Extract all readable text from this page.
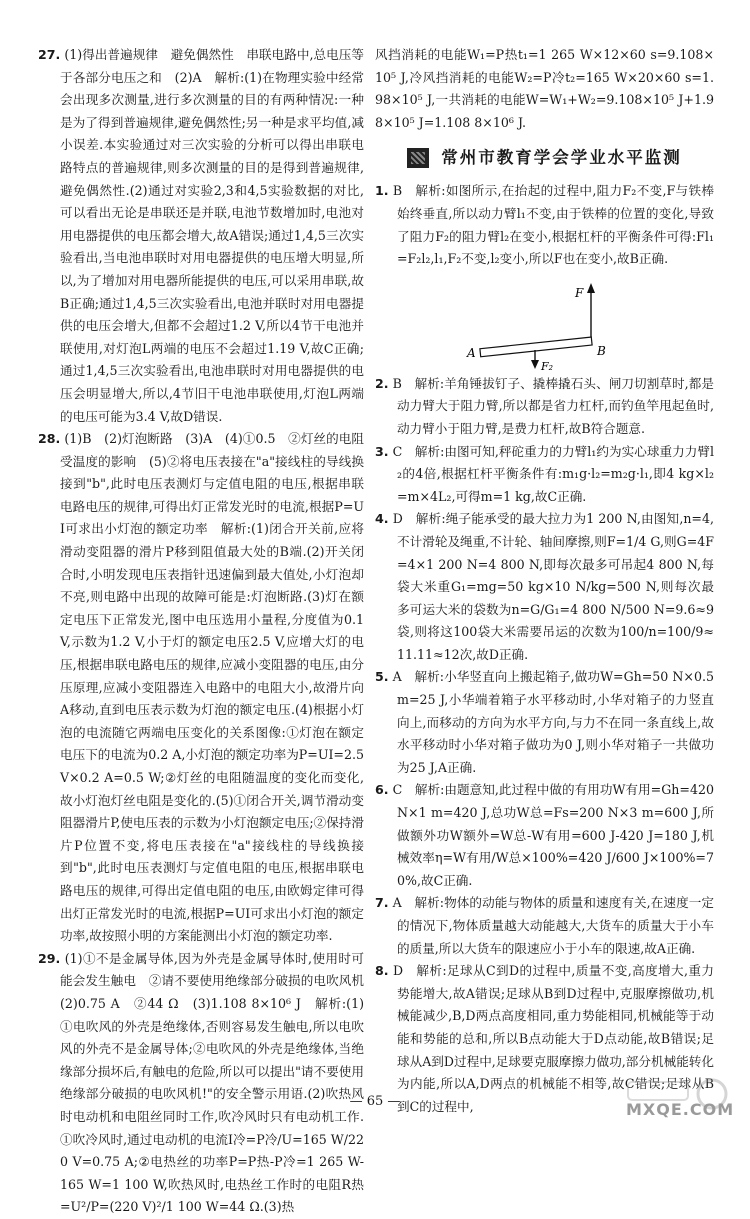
27. (1)得出普遍规律　避免偶然性　串联电路中,总电压等于各部分电压之和　(2)A　解析:(1)在物理实验中经常会出现多次测量,进行多次测量的目的有两种情况:一种是为了得到普遍规律,避免偶然性;另一种是求平均值,减小误差.本实验通过对三次实验的分析可以得出串联电路特点的普遍规律,则多次测量的目的是得到普遍规律,避免偶然性.(2)通过对实验2,3和4,5实验数据的对比,可以看出无论是串联还是并联,电池节数增加时,电池对用电器提供的电压都会增大,故A错误;通过1,4,5三次实验看出,当电池串联时对用电器提供的电压增大明显,所以,为了增加对用电器所能提供的电压,可以采用串联,故B正确;通过1,4,5三次实验看出,电池并联时对用电器提供的电压会增大,但都不会超过1.2 V,所以4节干电池并联使用,对灯泡L两端的电压不会超过1.19 V,故C正确;通过1,4,5三次实验看出,电池串联时对用电器提供的电压会明显增大,所以,4节旧干电池串联使用,灯泡L两端的电压可能为3.4 V,故D错误.

28. (1)B　(2)灯泡断路　(3)A　(4)①0.5　②灯丝的电阻受温度的影响　(5)②将电压表接在"a"接线柱的导线换接到"b",此时电压表测灯与定值电阻的电压,根据串联电路电压的规律,可得出灯正常发光时的电流,根据P=UI可求出小灯泡的额定功率　解析:(1)闭合开关前,应将滑动变阻器的滑片P移到阻值最大处的B端.(2)开关闭合时,小明发现电压表指针迅速偏到最大值处,小灯泡却不亮,则电路中出现的故障可能是:灯泡断路.(3)灯在额定电压下正常发光,图中电压选用小量程,分度值为0.1 V,示数为1.2 V,小于灯的额定电压2.5 V,应增大灯的电压,根据串联电路电压的规律,应减小变阻器的电压,由分压原理,应减小变阻器连入电路中的电阻大小,故滑片向A移动,直到电压表示数为灯泡的额定电压.(4)根据小灯泡的电流随它两端电压变化的关系图像:①灯泡在额定电压下的电流为0.2 A,小灯泡的额定功率为P=UI=2.5 V×0.2 A=0.5 W;②灯丝的电阻随温度的变化而变化,故小灯泡灯丝电阻是变化的.(5)①闭合开关,调节滑动变阻器滑片P,使电压表的示数为小灯泡额定电压;②保持滑片P位置不变,将电压表接在"a"接线柱的导线换接到"b",此时电压表测灯与定值电阻的电压,根据串联电路电压的规律,可得出定值电阻的电压,由欧姆定律可得出灯正常发光时的电流,根据P=UI可求出小灯泡的额定功率,故按照小明的方案能测出小灯泡的额定功率.

29. (1)①不是金属导体,因为外壳是金属导体时,使用时可能会发生触电　②请不要使用绝缘部分破损的电吹风机　(2)0.75 A　②44 Ω　(3)1.108 8×10⁶ J　解析:(1)①电吹风的外壳是绝缘体,否则容易发生触电,所以电吹风的外壳不是金属导体;②电吹风的外壳是绝缘体,当绝缘部分损坏后,有触电的危险,所以可以提出"请不要使用绝缘部分破损的电吹风机!"的安全警示用语.(2)吹热风时电动机和电阻丝同时工作,吹冷风时只有电动机工作.①吹冷风时,通过电动机的电流I冷=P冷/U=165 W/220 V=0.75 A;②电热丝的功率P=P热-P冷=1 265 W-165 W=1 100 W,吹热风时,电热丝工作时的电阻R热=U²/P=(220 V)²/1 100 W=44 Ω.(3)热

风挡消耗的电能W₁=P热t₁=1 265 W×12×60 s=9.108×10⁵ J,冷风挡消耗的电能W₂=P冷t₂=165 W×20×60 s=1.98×10⁵ J,一共消耗的电能W=W₁+W₂=9.108×10⁵ J+1.98×10⁵ J=1.108 8×10⁶ J.

常州市教育学会学业水平监测

1. B　解析:如图所示,在抬起的过程中,阻力F₂不变,F与铁棒始终垂直,所以动力臂l₁不变,由于铁棒的位置的变化,导致了阻力F₂的阻力臂l₂在变小,根据杠杆的平衡条件可得:Fl₁=F₂l₂,l₁,F₂不变,l₂变小,所以F也在变小,故B正确.

F
A	B
F₂

2. B　解析:羊角锤拔钉子、撬棒撬石头、闸刀切割草时,都是动力臂大于阻力臂,所以都是省力杠杆,而钓鱼竿甩起鱼时,动力臂小于阻力臂,是费力杠杆,故B符合题意.

3. C　解析:由图可知,秤砣重力的力臂l₁约为实心球重力力臂l₂的4倍,根据杠杆平衡条件有:m₁g·l₂=m₂g·l₁,即4 kg×l₂=m×4L₂,可得m=1 kg,故C正确.

4. D　解析:绳子能承受的最大拉力为1 200 N,由图知,n=4,不计滑轮及绳重,不计轮、轴间摩擦,则F=1/4 G,则G=4F=4×1 200 N=4 800 N,即每次最多可吊起4 800 N,每袋大米重G₁=mg=50 kg×10 N/kg=500 N,则每次最多可运大米的袋数为n=G/G₁=4 800 N/500 N=9.6≈9袋,则将这100袋大米需要吊运的次数为100/n=100/9≈11.11≈12次,故D正确.

5. A　解析:小华竖直向上搬起箱子,做功W=Gh=50 N×0.5 m=25 J,小华端着箱子水平移动时,小华对箱子的力竖直向上,而移动的方向为水平方向,与力不在同一条直线上,故水平移动时小华对箱子做功为0 J,则小华对箱子一共做功为25 J,A正确.

6. C　解析:由题意知,此过程中做的有用功W有用=Gh=420 N×1 m=420 J,总功W总=Fs=200 N×3 m=600 J,所做额外功W额外=W总-W有用=600 J-420 J=180 J,机械效率η=W有用/W总×100%=420 J/600 J×100%=70%,故C正确.

7. A　解析:物体的动能与物体的质量和速度有关,在速度一定的情况下,物体质量越大动能越大,大货车的质量大于小车的质量,所以大货车的限速应小于小车的限速,故A正确.

8. D　解析:足球从C到D的过程中,质量不变,高度增大,重力势能增大,故A错误;足球从B到D过程中,克服摩擦做功,机械能减少,B,D两点高度相同,重力势能相同,机械能等于动能和势能的总和,所以B点动能大于D点动能,故B错误;足球从A到D过程中,足球要克服摩擦力做功,部分机械能转化为内能,所以A,D两点的机械能不相等,故C错误;足球从B到C的过程中,

— 65 —	MXQE.COM
